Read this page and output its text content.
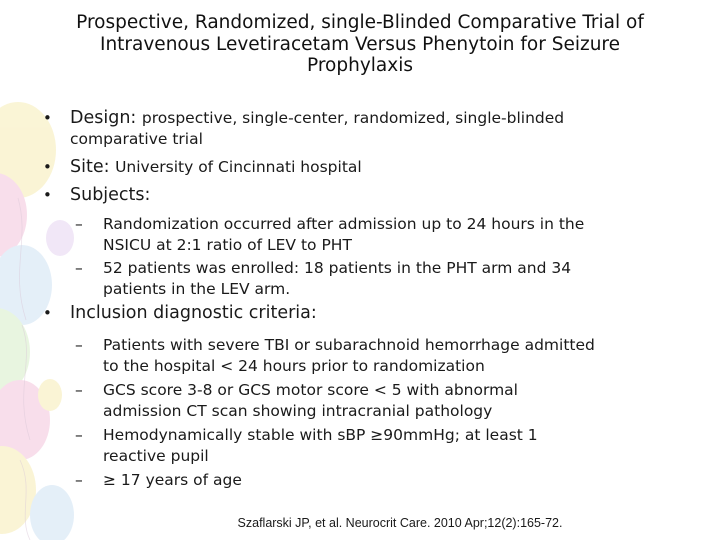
Prospective, Randomized, single-Blinded Comparative Trial of
Intravenous Levetiracetam Versus Phenytoin for Seizure
Prophylaxis
• Design: prospective, single-center, randomized, single-blinded
comparative trial
• Site: University of Cincinnati hospital
• Subjects:
– Randomization occurred after admission up to 24 hours in the
NSICU at 2:1 ratio of LEV to PHT
– 52 patients was enrolled: 18 patients in the PHT arm and 34
patients in the LEV arm.
• Inclusion diagnostic criteria:
– Patients with severe TBI or subarachnoid hemorrhage admitted
to the hospital < 24 hours prior to randomization
– GCS score 3-8 or GCS motor score < 5 with abnormal
admission CT scan showing intracranial pathology
– Hemodynamically stable with sBP ≥90mmHg; at least 1
reactive pupil
– ≥ 17 years of age
Szaflarski JP, et al. Neurocrit Care. 2010 Apr;12(2):165-72.
